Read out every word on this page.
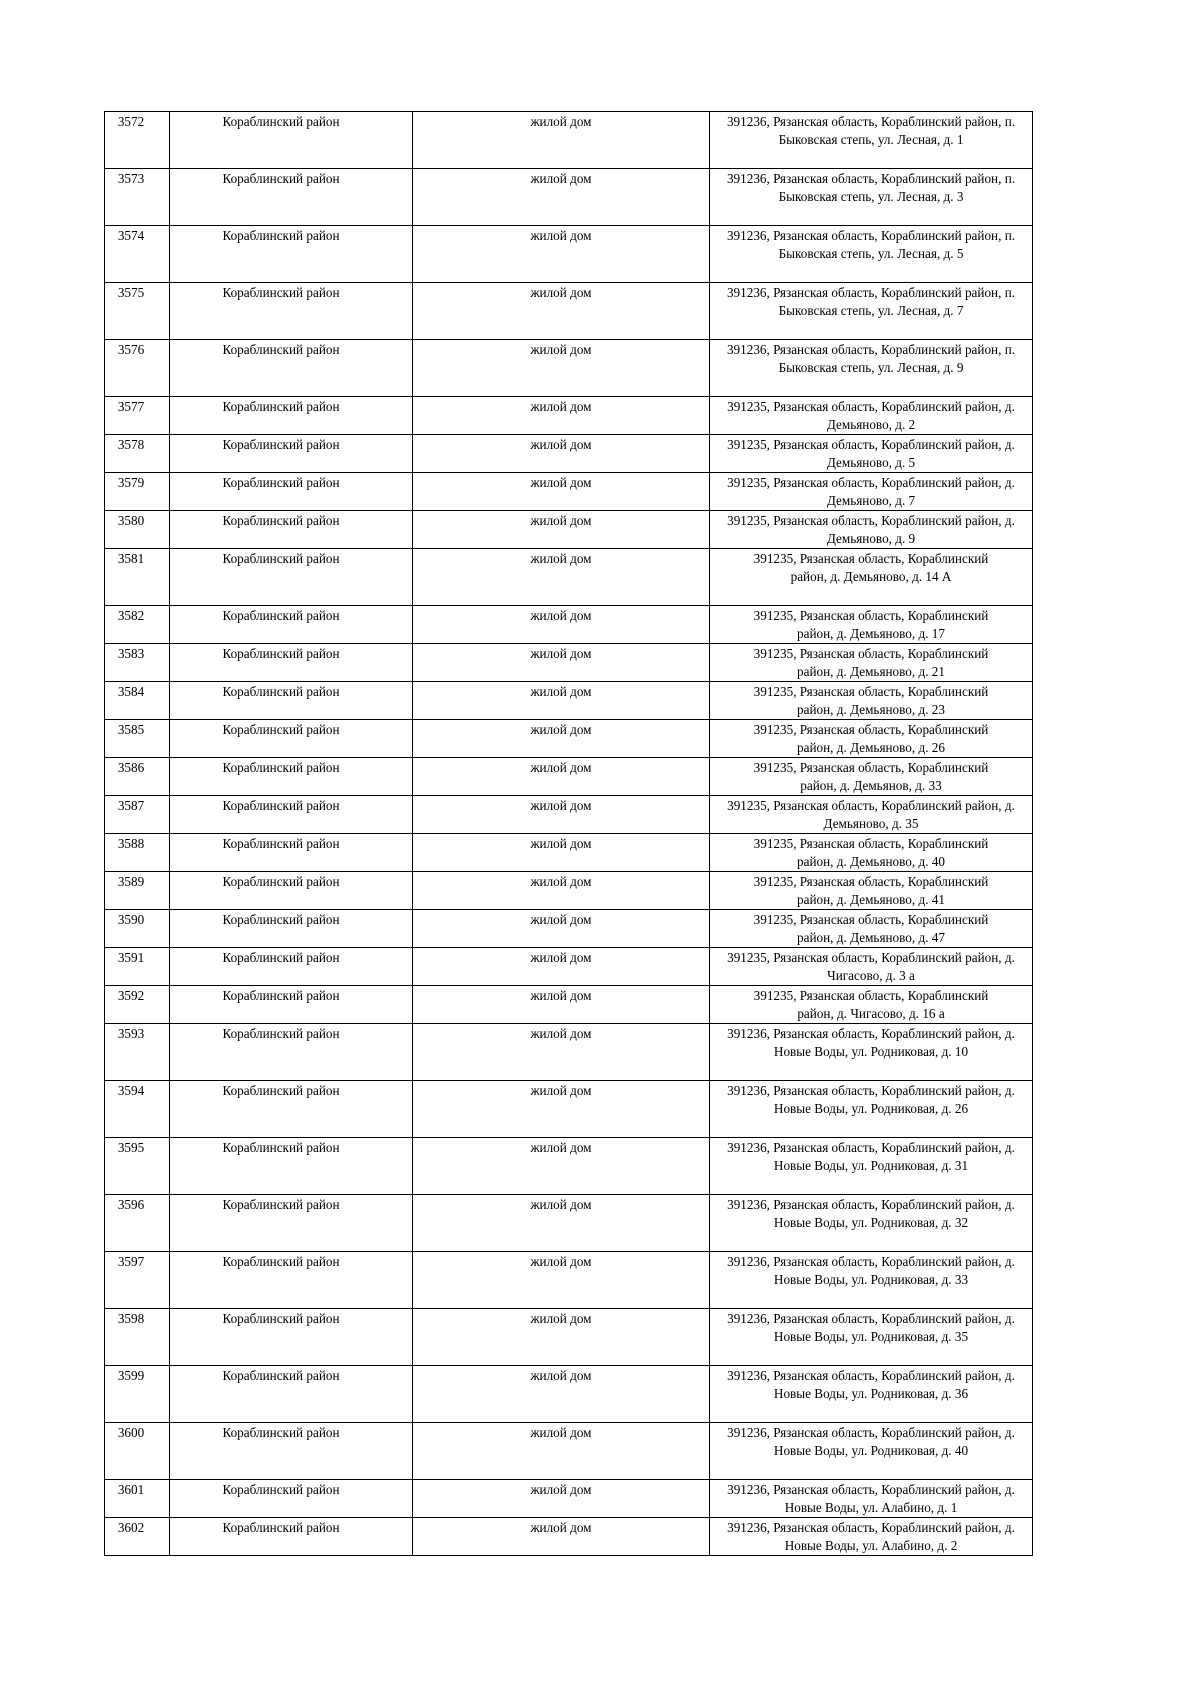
3572	Кораблинский район	жилой дом	391236, Рязанская область, Кораблинский район, п. Быковская степь, ул. Лесная, д. 1
3573	Кораблинский район	жилой дом	391236, Рязанская область, Кораблинский район, п. Быковская степь, ул. Лесная, д. 3
3574	Кораблинский район	жилой дом	391236, Рязанская область, Кораблинский район, п. Быковская степь, ул. Лесная, д. 5
3575	Кораблинский район	жилой дом	391236, Рязанская область, Кораблинский район, п. Быковская степь, ул. Лесная, д. 7
3576	Кораблинский район	жилой дом	391236, Рязанская область, Кораблинский район, п. Быковская степь, ул. Лесная, д. 9
3577	Кораблинский район	жилой дом	391235, Рязанская область, Кораблинский район, д. Демьяново, д. 2
3578	Кораблинский район	жилой дом	391235, Рязанская область, Кораблинский район, д. Демьяново, д. 5
3579	Кораблинский район	жилой дом	391235, Рязанская область, Кораблинский район, д. Демьяново, д. 7
3580	Кораблинский район	жилой дом	391235, Рязанская область, Кораблинский район, д. Демьяново, д. 9
3581	Кораблинский район	жилой дом	391235, Рязанская область, Кораблинский район, д. Демьяново, д. 14 А
3582	Кораблинский район	жилой дом	391235, Рязанская область, Кораблинский район, д. Демьяново, д. 17
3583	Кораблинский район	жилой дом	391235, Рязанская область, Кораблинский район, д. Демьяново, д. 21
3584	Кораблинский район	жилой дом	391235, Рязанская область, Кораблинский район, д. Демьяново, д. 23
3585	Кораблинский район	жилой дом	391235, Рязанская область, Кораблинский район, д. Демьяново, д. 26
3586	Кораблинский район	жилой дом	391235, Рязанская область, Кораблинский район, д. Демьянов, д. 33
3587	Кораблинский район	жилой дом	391235, Рязанская область, Кораблинский район, д. Демьяново, д. 35
3588	Кораблинский район	жилой дом	391235, Рязанская область, Кораблинский район, д. Демьяново, д. 40
3589	Кораблинский район	жилой дом	391235, Рязанская область, Кораблинский район, д. Демьяново, д. 41
3590	Кораблинский район	жилой дом	391235, Рязанская область, Кораблинский район, д. Демьяново, д. 47
3591	Кораблинский район	жилой дом	391235, Рязанская область, Кораблинский район, д. Чигасово, д. 3 а
3592	Кораблинский район	жилой дом	391235, Рязанская область, Кораблинский район, д. Чигасово, д. 16 а
3593	Кораблинский район	жилой дом	391236, Рязанская область, Кораблинский район, д. Новые Воды, ул. Родниковая, д. 10
3594	Кораблинский район	жилой дом	391236, Рязанская область, Кораблинский район, д. Новые Воды, ул. Родниковая, д. 26
3595	Кораблинский район	жилой дом	391236, Рязанская область, Кораблинский район, д. Новые Воды, ул. Родниковая, д. 31
3596	Кораблинский район	жилой дом	391236, Рязанская область, Кораблинский район, д. Новые Воды, ул. Родниковая, д. 32
3597	Кораблинский район	жилой дом	391236, Рязанская область, Кораблинский район, д. Новые Воды, ул. Родниковая, д. 33
3598	Кораблинский район	жилой дом	391236, Рязанская область, Кораблинский район, д. Новые Воды, ул. Родниковая, д. 35
3599	Кораблинский район	жилой дом	391236, Рязанская область, Кораблинский район, д. Новые Воды, ул. Родниковая, д. 36
3600	Кораблинский район	жилой дом	391236, Рязанская область, Кораблинский район, д. Новые Воды, ул. Родниковая, д. 40
3601	Кораблинский район	жилой дом	391236, Рязанская область, Кораблинский район, д. Новые Воды, ул. Алабино, д. 1
3602	Кораблинский район	жилой дом	391236, Рязанская область, Кораблинский район, д. Новые Воды, ул. Алабино, д. 2
